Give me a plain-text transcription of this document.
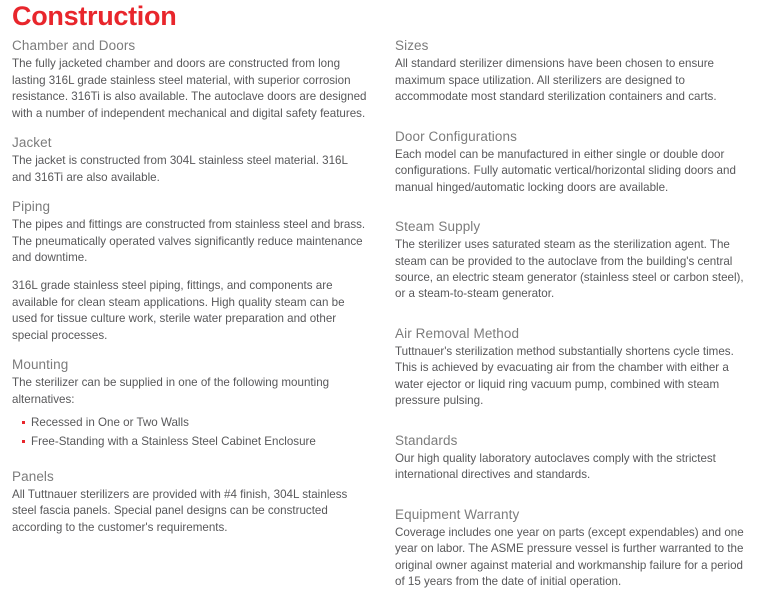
Construction
Chamber and Doors

The fully jacketed chamber and doors are constructed from long lasting 316L grade stainless steel material, with superior corrosion resistance. 316Ti is also available. The autoclave doors are designed with a number of independent mechanical and digital safety features.

Jacket

The jacket is constructed from 304L stainless steel material. 316L and 316Ti are also available.

Piping

The pipes and fittings are constructed from stainless steel and brass. The pneumatically operated valves significantly reduce maintenance and downtime.

316L grade stainless steel piping, fittings, and components are available for clean steam applications. High quality steam can be used for tissue culture work, sterile water preparation and other special processes.

Mounting

The sterilizer can be supplied in one of the following mounting alternatives:

Recessed in One or Two Walls
Free-Standing with a Stainless Steel Cabinet Enclosure
Panels

All Tuttnauer sterilizers are provided with #4 finish, 304L stainless steel fascia panels. Special panel designs can be constructed according to the customer's requirements.

Sizes

All standard sterilizer dimensions have been chosen to ensure maximum space utilization. All sterilizers are designed to accommodate most standard sterilization containers and carts.

Door Configurations

Each model can be manufactured in either single or double door configurations. Fully automatic vertical/horizontal sliding doors and manual hinged/automatic locking doors are available.

Steam Supply

The sterilizer uses saturated steam as the sterilization agent. The steam can be provided to the autoclave from the building's central source, an electric steam generator (stainless steel or carbon steel), or a steam-to-steam generator.

Air Removal Method

Tuttnauer's sterilization method substantially shortens cycle times. This is achieved by evacuating air from the chamber with either a water ejector or liquid ring vacuum pump, combined with steam pressure pulsing.

Standards

Our high quality laboratory autoclaves comply with the strictest international directives and standards.

Equipment Warranty

Coverage includes one year on parts (except expendables) and one year on labor. The ASME pressure vessel is further warranted to the original owner against material and workmanship failure for a period of 15 years from the date of initial operation.
